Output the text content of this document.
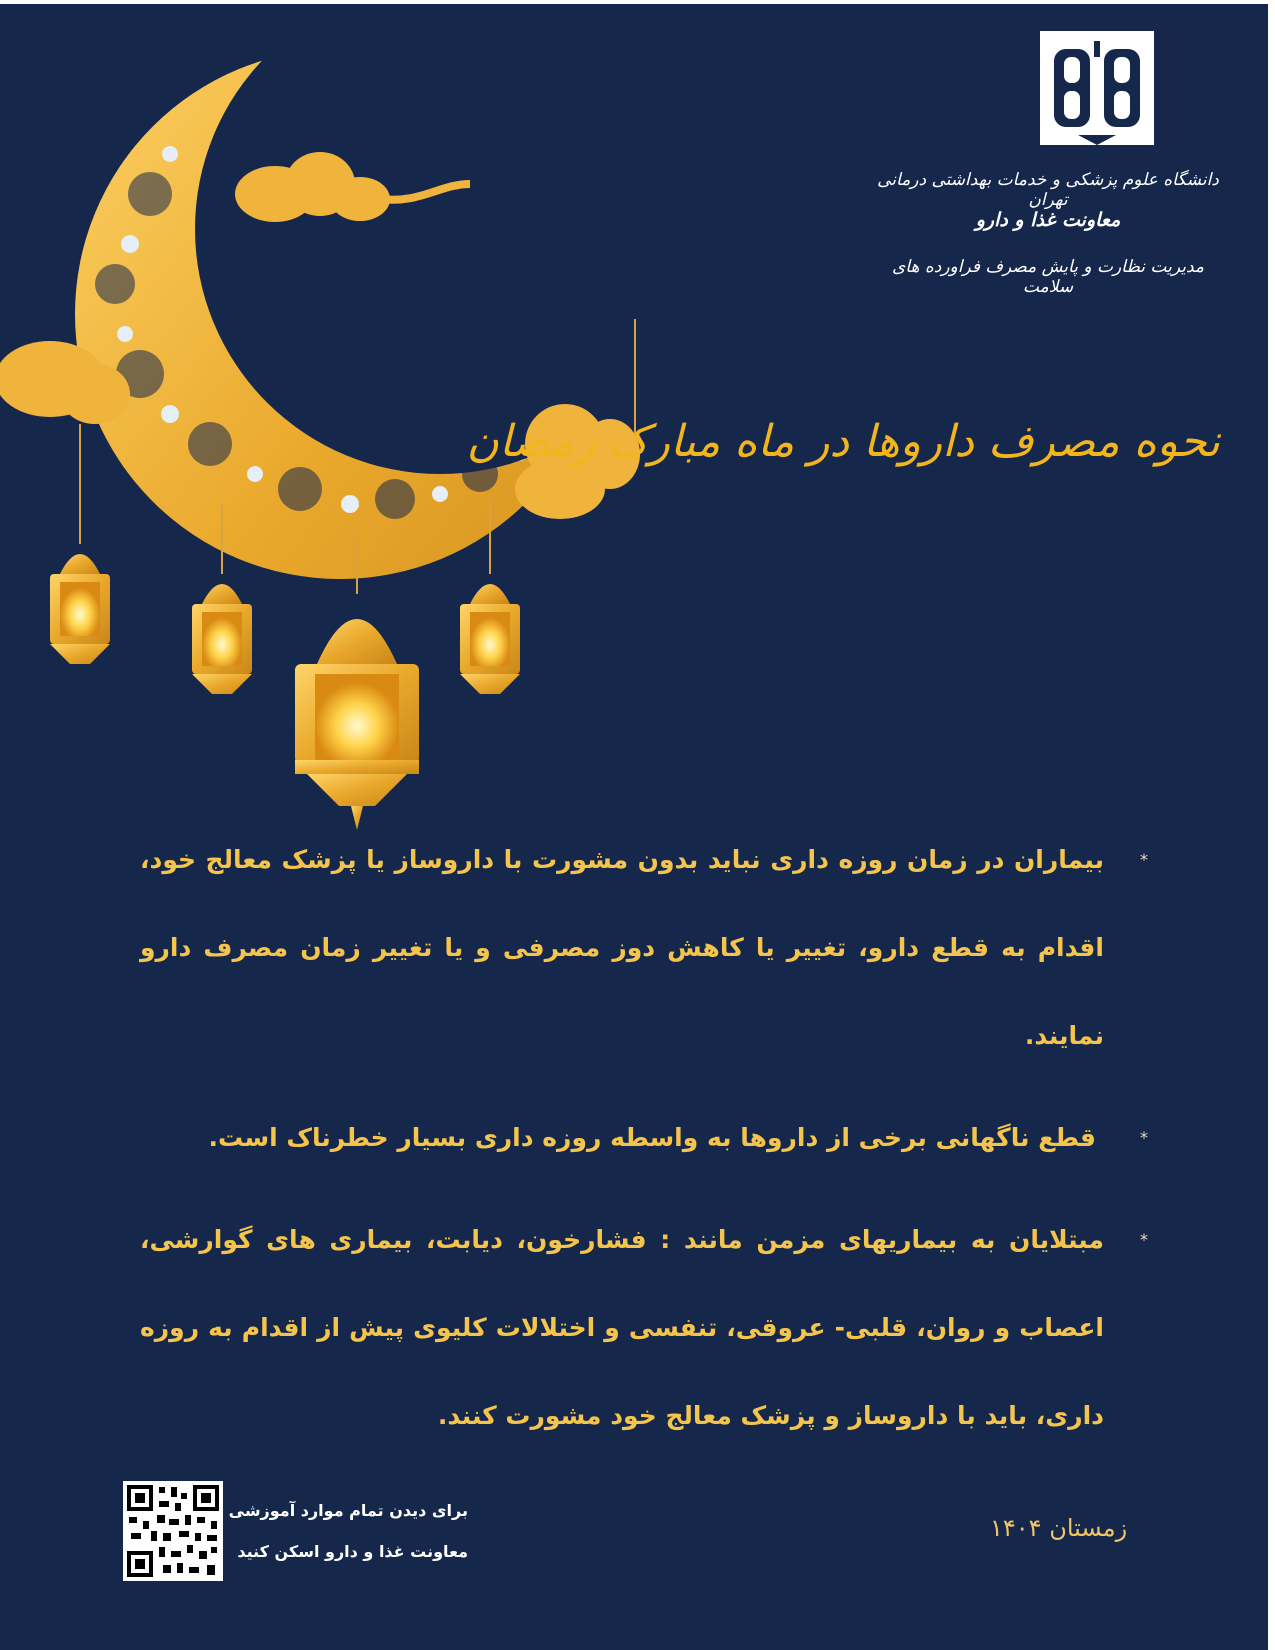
دانشگاه علوم پزشکی و خدمات بهداشتی درمانی تهران
معاونت غذا و دارو
مدیریت نظارت و پایش مصرف فراورده های سلامت
نحوه مصرف داروها در ماه مبارک رمضان
*
بیماران در زمان روزه داری نباید بدون مشورت با داروساز یا پزشک معالج خود، اقدام به قطع دارو، تغییر یا کاهش دوز مصرفی و یا تغییر زمان مصرف دارو نمایند.
*
قطع ناگهانی برخی از داروها به واسطه روزه داری بسیار خطرناک است.
*
مبتلایان به بیماریهای مزمن مانند : فشارخون، دیابت، بیماری های گوارشی، اعصاب و روان، قلبی- عروقی، تنفسی و اختلالات کلیوی پیش از اقدام به روزه داری، باید با داروساز و پزشک معالج خود مشورت کنند.
زمستان ۱۴۰۴
برای دیدن تمام موارد آموزشی
معاونت غذا و دارو اسکن کنید
